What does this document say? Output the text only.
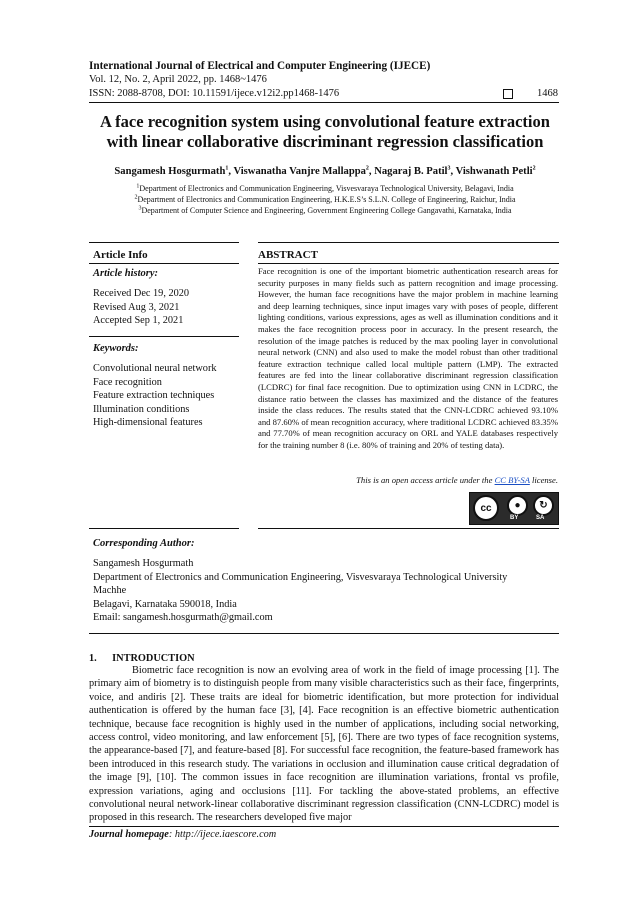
International Journal of Electrical and Computer Engineering (IJECE)
Vol. 12, No. 2, April 2022, pp. 1468~1476
ISSN: 2088-8708, DOI: 10.11591/ijece.v12i2.pp1468-1476	1468
A face recognition system using convolutional feature extraction
with linear collaborative discriminant regression classification
Sangamesh Hosgurmath$^1$, Viswanatha Vanjre Mallappa$^2$, Nagaraj B. Patil$^3$, Vishwanath Petli$^2$
$^1$Department of Electronics and Communication Engineering, Visvesvaraya Technological University, Belagavi, India
$^2$Department of Electronics and Communication Engineering, H.K.E.S’s S.L.N. College of Engineering, Raichur, India
$^3$Department of Computer Science and Engineering, Government Engineering College Gangavathi, Karnataka, India
Article Info	ABSTRACT
Article history:
Received Dec 19, 2020
Revised Aug 3, 2021
Accepted Sep 1, 2021
Keywords:
Convolutional neural network
Face recognition
Feature extraction techniques
Illumination conditions
High-dimensional features
Face recognition is one of the important biometric authentication research areas for security purposes in many fields such as pattern recognition and image processing. However, the human face recognitions have the major problem in machine learning and deep learning techniques, since input images vary with poses of people, different lighting conditions, various expressions, ages as well as illumination conditions and it makes the face recognition process poor in accuracy. In the present research, the resolution of the image patches is reduced by the max pooling layer in convolutional neural network (CNN) and also used to make the model robust than other traditional feature extraction technique called local multiple pattern (LMP). The extracted features are fed into the linear collaborative discriminant regression classification (LCDRC) for final face recognition. Due to optimization using CNN in LCDRC, the distance ratio between the classes has maximized and the distance of the features inside the class reduces. The results stated that the CNN-LCDRC achieved 93.10% and 87.60% of mean recognition accuracy, where traditional LCDRC achieved 83.35% and 77.70% of mean recognition accuracy on ORL and YALE databases respectively for the training number 8 (i.e. 80% of training and 20% of testing data).
This is an open access article under the CC BY-SA license.
cc	●	↻
BY	SA
Corresponding Author:
Sangamesh Hosgurmath
Department of Electronics and Communication Engineering, Visvesvaraya Technological University
Machhe
Belagavi, Karnataka 590018, India
Email: sangamesh.hosgurmath@gmail.com
1.      INTRODUCTION

Biometric face recognition is now an evolving area of work in the field of image processing [1]. The primary aim of biometry is to distinguish people from many visible characteristics such as their face, fingerprints, voice, and andiris [2]. These traits are ideal for biometric identification, but more protection for individual authentication is offered by the human face [3], [4]. Face recognition is an effective biometric authentication technique, because face recognition is highly used in the number of applications, including social networking, access control, video monitoring, and law enforcement [5], [6]. There are two types of face recognition systems, the appearance-based [7], and feature-based [8]. For successful face recognition, the feature-based framework has been introduced in this research study. The variations in occlusion and illumination cause critical degradation of the image [9], [10]. The common issues in face recognition are illumination variations, frontal vs profile, expression variations, aging and occlusions [11]. For tackling the above-stated problems, an effective convolutional neural network-linear collaborative discriminant regression classification (CNN-LCDRC) model is proposed in this research. The researchers developed five major

Journal homepage: http://ijece.iaescore.com
